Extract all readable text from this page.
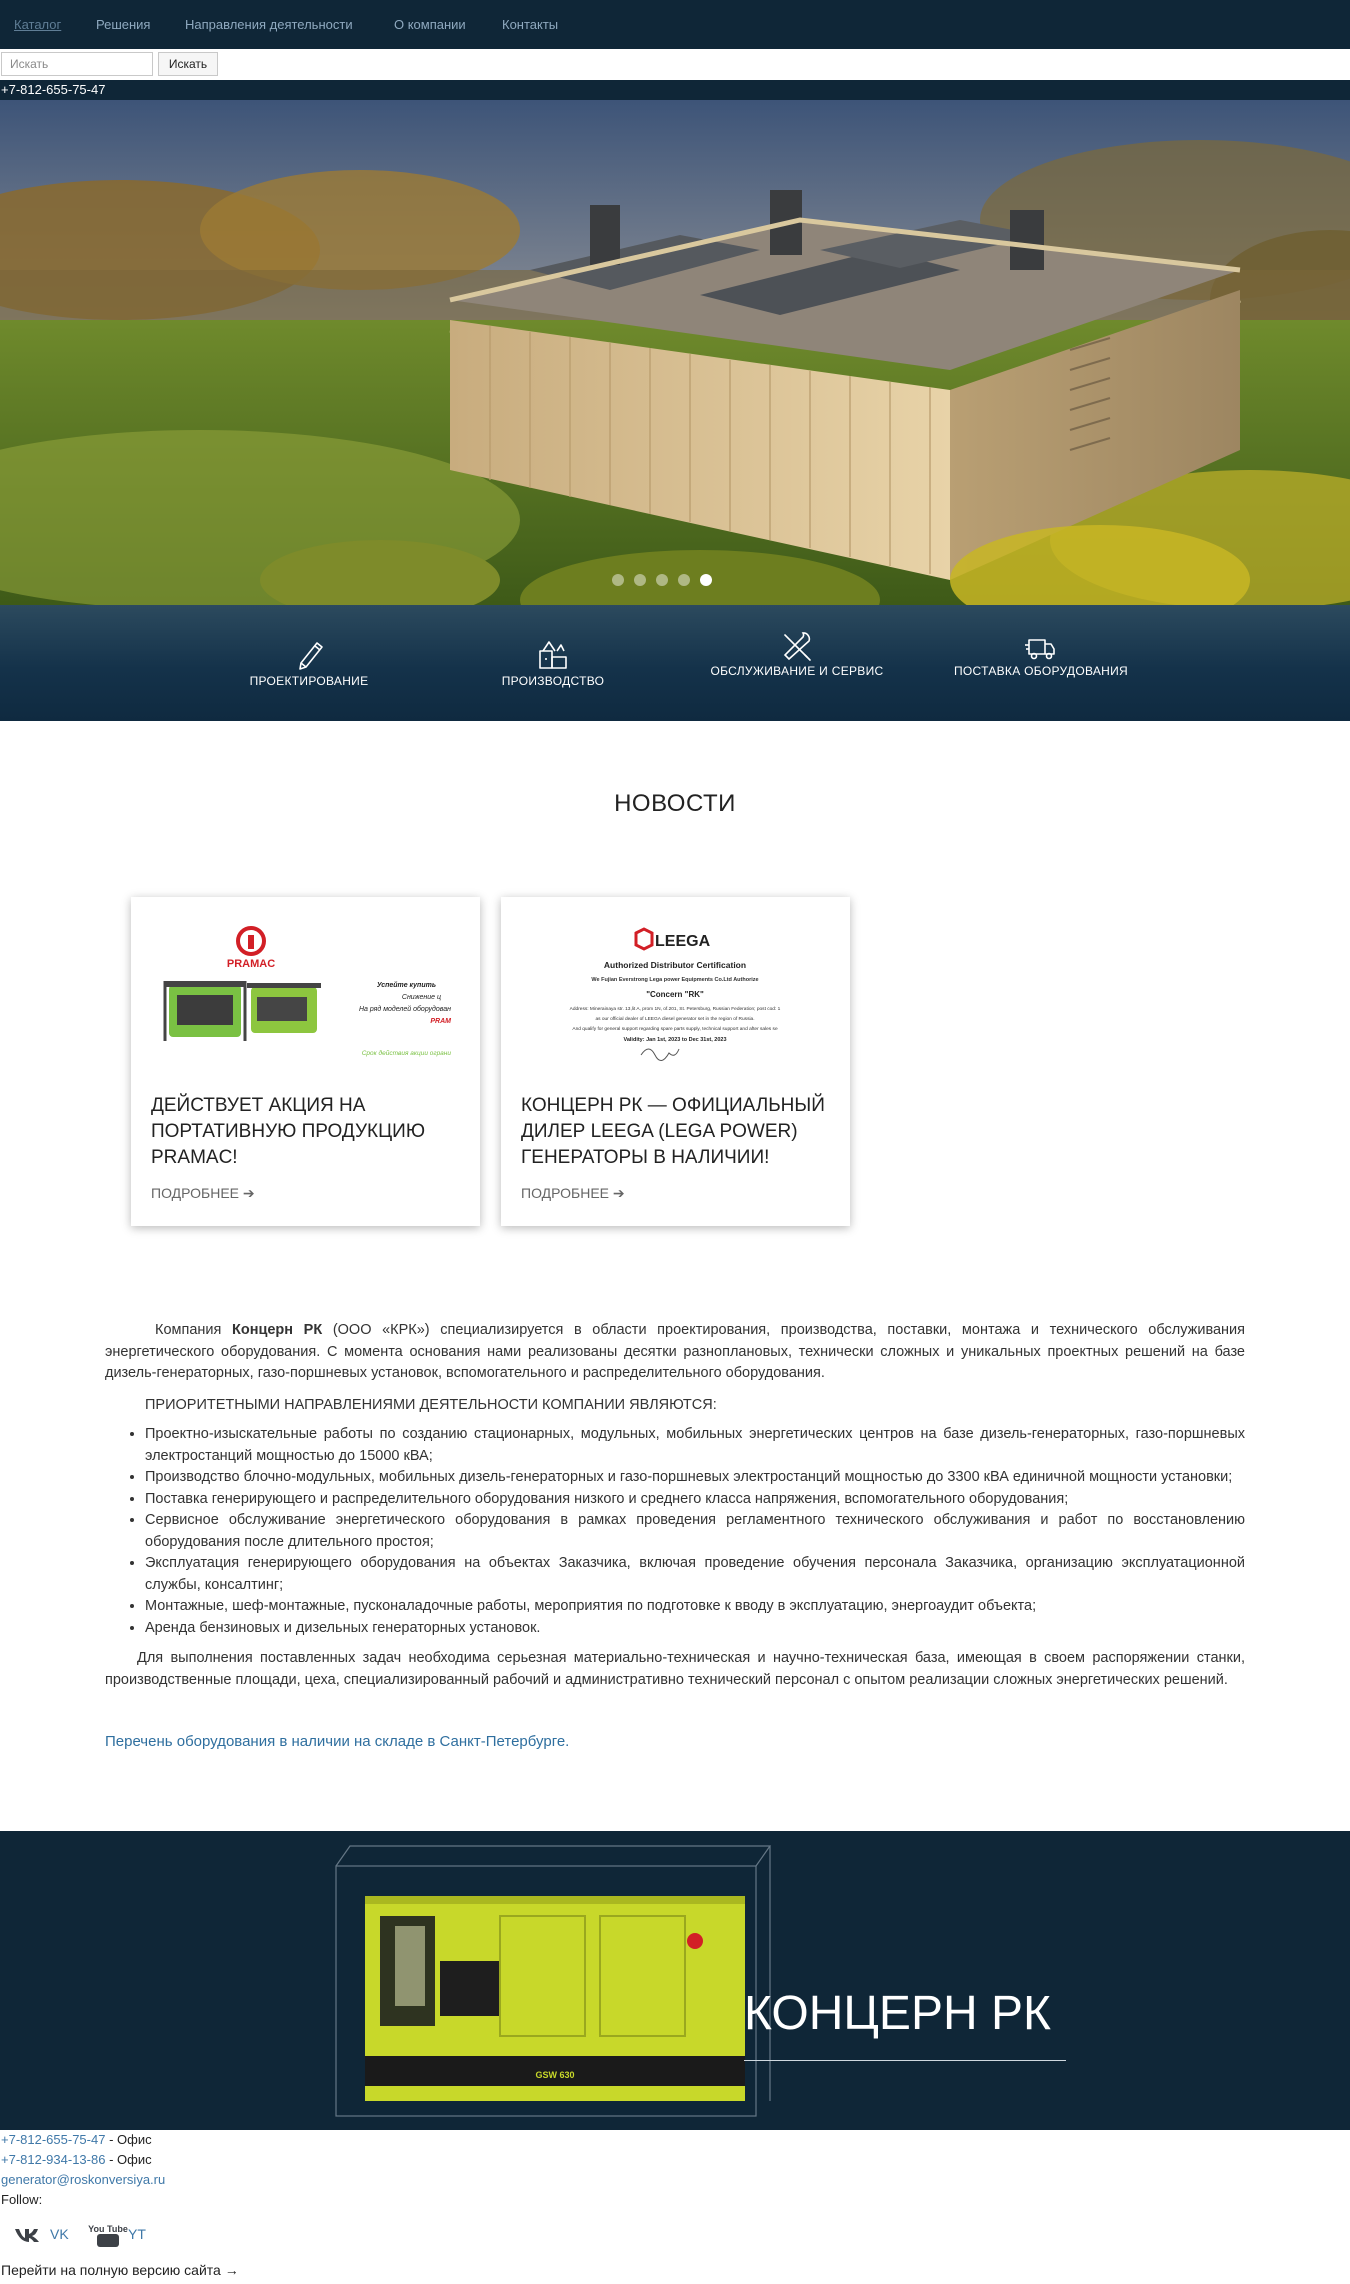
Каталог	Решения	Направления деятельности	О компании	Контакты
Искать
Искать
+7-812-655-75-47
ПРОЕКТИРОВАНИЕ	ПРОИЗВОДСТВО
ОБСЛУЖИВАНИЕ И СЕРВИС	ПОСТАВКА ОБОРУДОВАНИЯ
НОВОСТИ
PRAMAC
Успейте купить
Снижение ц
На ряд моделей оборудован
PRAM
Срок действия акции ограни
ДЕЙСТВУЕТ АКЦИЯ НА ПОРТАТИВНУЮ ПРОДУКЦИЮ PRAMAC!
ПОДРОБНЕЕ ➔
LEEGA
Authorized Distributor Certification
We Fujian Everstrong Lega power Equipments Co.Ltd Authorize
"Concern "RK"
Address: Minerainaya str. 13,lit A, prom 1N, of.201, St. Petersburg, Russian Federation; post cod: 1
as our official dealer of LEEGA diesel generator set in the region of Russia.
And qualify for general support regarding spare parts supply, technical support and after sales se
Validity: Jan 1st, 2023 to Dec 31st, 2023
КОНЦЕРН РК — ОФИЦИАЛЬНЫЙ ДИЛЕР LEEGA (LEGA POWER) ГЕНЕРАТОРЫ В НАЛИЧИИ!
ПОДРОБНЕЕ ➔

Компания Концерн РК (ООО «КРК») специализируется в области проектирования, производства, поставки, монтажа и технического обслуживания энергетического оборудования. С момента основания нами реализованы десятки разноплановых, технически сложных и уникальных проектных решений на базе дизель-генераторных, газо-поршневых установок, вспомогательного и распределительного оборудования.

ПРИОРИТЕТНЫМИ НАПРАВЛЕНИЯМИ ДЕЯТЕЛЬНОСТИ КОМПАНИИ ЯВЛЯЮТСЯ:
• Проектно-изыскательные работы по созданию стационарных, модульных, мобильных энергетических центров на базе дизель-генераторных, газо-поршневых электростанций мощностью до 15000 кВА;
• Производство блочно-модульных, мобильных дизель-генераторных и газо-поршневых электростанций мощностью до 3300 кВА единичной мощности установки;
• Поставка генерирующего и распределительного оборудования низкого и среднего класса напряжения, вспомогательного оборудования;
• Сервисное обслуживание энергетического оборудования в рамках проведения регламентного технического обслуживания и работ по восстановлению оборудования после длительного простоя;
• Эксплуатация генерирующего оборудования на объектах Заказчика, включая проведение обучения персонала Заказчика, организацию эксплуатационной службы, консалтинг;
• Монтажные, шеф-монтажные, пусконаладочные работы, мероприятия по подготовке к вводу в эксплуатацию, энергоаудит объекта;
• Аренда бензиновых и дизельных генераторных установок.

Для выполнения поставленных задач необходима серьезная материально-техническая и научно-техническая база, имеющая в своем распоряжении станки, производственные площади, цеха, специализированный рабочий и административно технический персонал с опытом реализации сложных энергетических решений.

Перечень оборудования в наличии на складе в Санкт-Петербурге.
GSW 630
КОНЦЕРН РК
+7-812-655-75-47 - Офис
+7-812-934-13-86 - Офис
generator@roskonversiya.ru
Follow:
VK You Tube YT
Перейти на полную версию сайта →
